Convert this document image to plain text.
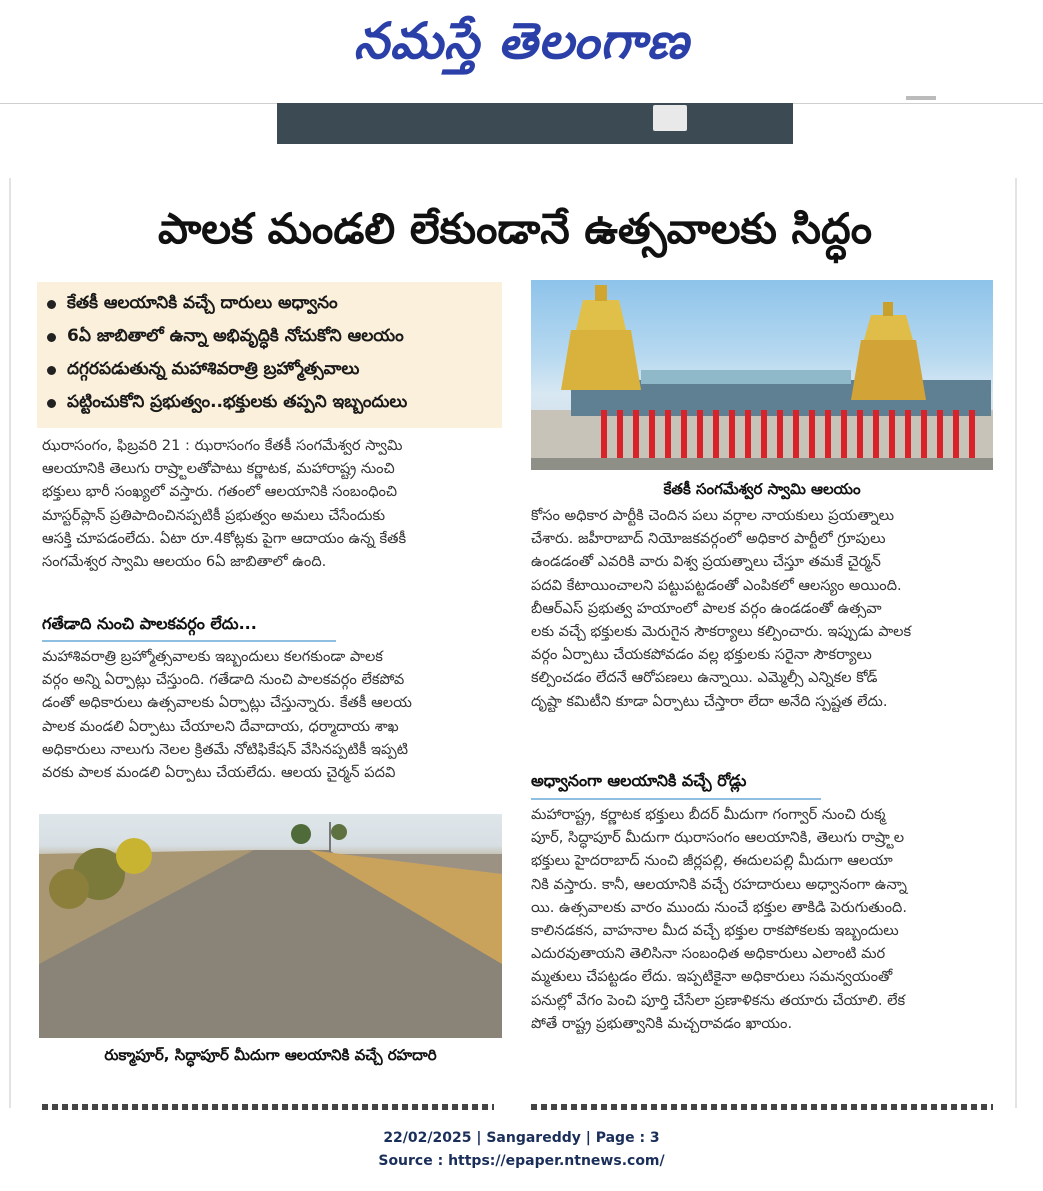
నమస్తే తెలంగాణ
పాలక మండలి లేకుండానే ఉత్సవాలకు సిద్ధం
కేతకీ ఆలయానికి వచ్చే దారులు అధ్వానం
6ఏ జాబితాలో ఉన్నా అభివృద్ధికి నోచుకోని ఆలయం
దగ్గరపడుతున్న మహాశివరాత్రి బ్రహ్మోత్సవాలు
పట్టించుకోని ప్రభుత్వం..భక్తులకు తప్పని ఇబ్బందులు
ఝరాసంగం, ఫిబ్రవరి 21 : ఝరాసంగం కేతకీ సంగమేశ్వర స్వామి
ఆలయానికి తెలుగు రాష్ర్టాలతోపాటు కర్ణాటక, మహారాష్ట్ర నుంచి
భక్తులు భారీ సంఖ్యలో వస్తారు. గతంలో ఆలయానికి సంబంధించి
మాస్టర్‌ప్లాన్ ప్రతిపాదించినప్పటికీ ప్రభుత్వం అమలు చేసేందుకు
ఆసక్తి చూపడంలేదు. ఏటా రూ.4కోట్లకు పైగా ఆదాయం ఉన్న కేతకీ
సంగమేశ్వర స్వామి ఆలయం 6ఏ జాబితాలో ఉంది.
గతేడాది నుంచి పాలకవర్గం లేదు...
మహాశివరాత్రి బ్రహ్మోత్సవాలకు ఇబ్బందులు కలగకుండా పాలక
వర్గం అన్ని ఏర్పాట్లు చేస్తుంది. గతేడాది నుంచి పాలకవర్గం లేకపోవ
డంతో అధికారులు ఉత్సవాలకు ఏర్పాట్లు చేస్తున్నారు. కేతకీ ఆలయ
పాలక మండలి ఏర్పాటు చేయాలని దేవాదాయ, ధర్మాదాయ శాఖ
అధికారులు నాలుగు నెలల క్రితమే నోటిఫికేషన్ వేసినప్పటికీ ఇప్పటి
వరకు పాలక మండలి ఏర్పాటు చేయలేదు. ఆలయ చైర్మన్ పదవి
రుక్మాపూర్, సిద్ధాపూర్ మీదుగా ఆలయానికి వచ్చే రహదారి
కేతకీ సంగమేశ్వర స్వామి ఆలయం
కోసం అధికార పార్టీకి చెందిన పలు వర్గాల నాయకులు ప్రయత్నాలు
చేశారు. జహీరాబాద్ నియోజకవర్గంలో అధికార పార్టీలో గ్రూపులు
ఉండడంతో ఎవరికి వారు విశ్వ ప్రయత్నాలు చేస్తూ తమకే చైర్మన్
పదవి కేటాయించాలని పట్టుపట్టడంతో ఎంపికలో ఆలస్యం అయింది.
బీఆర్‌ఎస్ ప్రభుత్వ హయాంలో పాలక వర్గం ఉండడంతో ఉత్సవా
లకు వచ్చే భక్తులకు మెరుగైన సౌకర్యాలు కల్పించారు. ఇప్పుడు పాలక
వర్గం ఏర్పాటు చేయకపోవడం వల్ల భక్తులకు సరైనా సౌకర్యాలు
కల్పించడం లేదనే ఆరోపణలు ఉన్నాయి. ఎమ్మెల్సీ ఎన్నికల కోడ్
దృష్టా కమిటీని కూడా ఏర్పాటు చేస్తారా లేదా అనేది స్పష్టత లేదు.
అధ్వానంగా ఆలయానికి వచ్చే రోడ్లు
మహారాష్ట్ర, కర్ణాటక భక్తులు బీదర్ మీదుగా గంగ్వార్ నుంచి రుక్మ
పూర్, సిద్ధాపూర్ మీదుగా ఝరాసంగం ఆలయానికి, తెలుగు రాష్ర్టాల
భక్తులు హైదరాబాద్ నుంచి జీర్లపల్లి, ఈదులపల్లి మీదుగా ఆలయా
నికి వస్తారు. కానీ, ఆలయానికి వచ్చే రహదారులు అధ్వానంగా ఉన్నా
యి. ఉత్సవాలకు వారం ముందు నుంచే భక్తుల తాకిడి పెరుగుతుంది.
కాలినడకన, వాహనాల మీద వచ్చే భక్తుల రాకపోకలకు ఇబ్బందులు
ఎదురవుతాయని తెలిసినా సంబంధిత అధికారులు ఎలాంటి మర
మ్మతులు చేపట్టడం లేదు. ఇప్పటికైనా అధికారులు సమన్వయంతో
పనుల్లో వేగం పెంచి పూర్తి చేసేలా ప్రణాళికను తయారు చేయాలి. లేక
పోతే రాష్ట్ర ప్రభుత్వానికి మచ్చరావడం ఖాయం.
22/02/2025 | Sangareddy | Page : 3
Source : https://epaper.ntnews.com/
